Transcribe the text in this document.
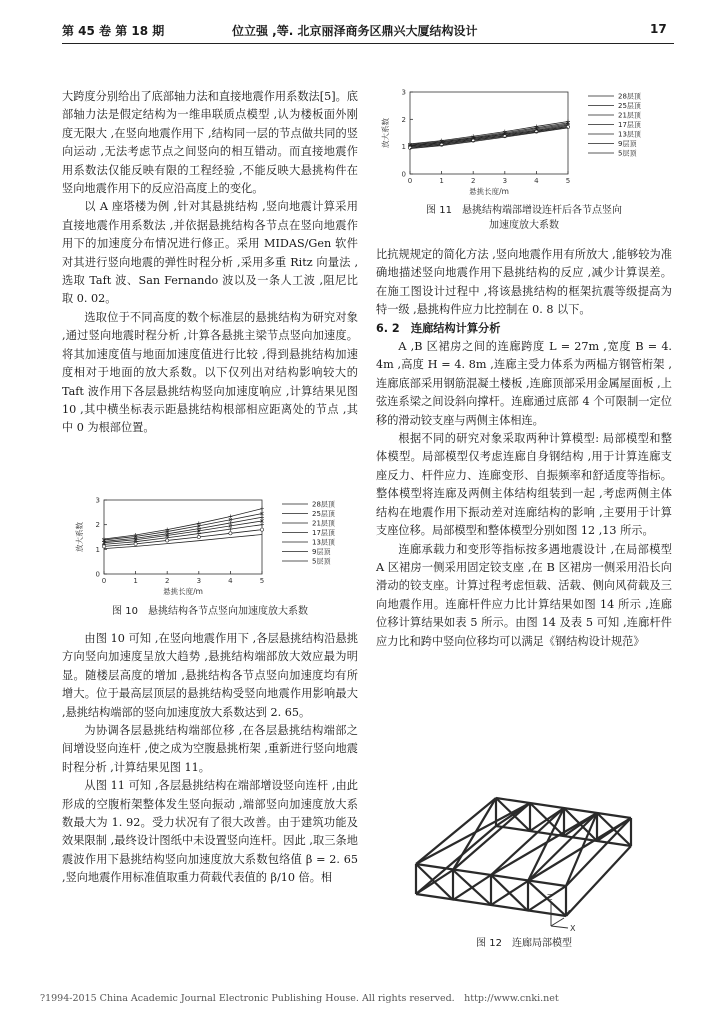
第 45 卷 第 18 期	位立强 ,等. 北京丽泽商务区鼎兴大厦结构设计	17

大跨度分别给出了底部轴力法和直接地震作用系数法[5]。底部轴力法是假定结构为一维串联质点模型 ,认为楼板面外刚度无限大 ,在竖向地震作用下 ,结构同一层的节点做共同的竖向运动 ,无法考虑节点之间竖向的相互错动。而直接地震作用系数法仅能反映有限的工程经验 ,不能反映大悬挑构件在竖向地震作用下的反应沿高度上的变化。

以 A 座塔楼为例 ,针对其悬挑结构 ,竖向地震计算采用直接地震作用系数法 ,并依据悬挑结构各节点在竖向地震作用下的加速度分布情况进行修正。采用 MIDAS/Gen 软件对其进行竖向地震的弹性时程分析 ,采用多重 Ritz 向量法 ,选取 Taft 波、San Fernando 波以及一条人工波 ,阻尼比取 0. 02。

选取位于不同高度的数个标准层的悬挑结构为研究对象 ,通过竖向地震时程分析 ,计算各悬挑主梁节点竖向加速度。将其加速度值与地面加速度值进行比较 ,得到悬挑结构加速度相对于地面的放大系数。以下仅列出对结构影响较大的 Taft 波作用下各层悬挑结构竖向加速度响应 ,计算结果见图 10 ,其中横坐标表示距悬挑结构根部相应距离处的节点 ,其中 0 为根部位置。

0	1	2	3	4	5
0
1
2
3
悬挑长度/m
放大系数
28层顶
25层顶
21层顶
17层顶
13层顶
9层顶
5层顶
图 10　悬挑结构各节点竖向加速度放大系数

由图 10 可知 ,在竖向地震作用下 ,各层悬挑结构沿悬挑方向竖向加速度呈放大趋势 ,悬挑结构端部放大效应最为明显。随楼层高度的增加 ,悬挑结构各节点竖向加速度均有所增大。位于最高层顶层的悬挑结构受竖向地震作用影响最大 ,悬挑结构端部的竖向加速度放大系数达到 2. 65。

为协调各层悬挑结构端部位移 ,在各层悬挑结构端部之间增设竖向连杆 ,使之成为空腹悬挑桁架 ,重新进行竖向地震时程分析 ,计算结果见图 11。

从图 11 可知 ,各层悬挑结构在端部增设竖向连杆 ,由此形成的空腹桁架整体发生竖向振动 ,端部竖向加速度放大系数最大为 1. 92。受力状况有了很大改善。由于建筑功能及效果限制 ,最终设计图纸中未设置竖向连杆。因此 ,取三条地震波作用下悬挑结构竖向加速度放大系数包络值 β = 2. 65 ,竖向地震作用标准值取重力荷载代表值的 β/10 倍。相

0	1	2	3	4	5
0
1
2
3
悬挑长度/m
放大系数
28层顶
25层顶
21层顶
17层顶
13层顶
9层顶
5层顶
图 11　悬挑结构端部增设连杆后各节点竖向
加速度放大系数

比抗规规定的简化方法 ,竖向地震作用有所放大 ,能够较为准确地描述竖向地震作用下悬挑结构的反应 ,减少计算误差。在施工图设计过程中 ,将该悬挑结构的框架抗震等级提高为特一级 ,悬挑构件应力比控制在 0. 8 以下。

6. 2　连廊结构计算分析

A ,B 区裙房之间的连廊跨度 L = 27m ,宽度 B = 4. 4m ,高度 H = 4. 8m ,连廊主受力体系为两榀方钢管桁架 ,连廊底部采用钢筋混凝土楼板 ,连廊顶部采用金属屋面板 ,上弦连系梁之间设斜向撑杆。连廊通过底部 4 个可限制一定位移的滑动铰支座与两侧主体相连。

根据不同的研究对象采取两种计算模型: 局部模型和整体模型。局部模型仅考虑连廊自身钢结构 ,用于计算连廊支座反力、杆件应力、连廊变形、自振频率和舒适度等指标。整体模型将连廊及两侧主体结构组装到一起 ,考虑两侧主体结构在地震作用下振动差对连廊结构的影响 ,主要用于计算支座位移。局部模型和整体模型分别如图 12 ,13 所示。

连廊承载力和变形等指标按多遇地震设计 ,在局部模型 A 区裙房一侧采用固定铰支座 ,在 B 区裙房一侧采用沿长向滑动的铰支座。计算过程考虑恒载、活载、侧向风荷载及三向地震作用。连廊杆件应力比计算结果如图 14 所示 ,连廊位移计算结果如表 5 所示。由图 14 及表 5 可知 ,连廊杆件应力比和跨中竖向位移均可以满足《钢结构设计规范》

Z
Y
X
图 12　连廊局部模型
?1994-2015 China Academic Journal Electronic Publishing House. All rights reserved.　http://www.cnki.net
